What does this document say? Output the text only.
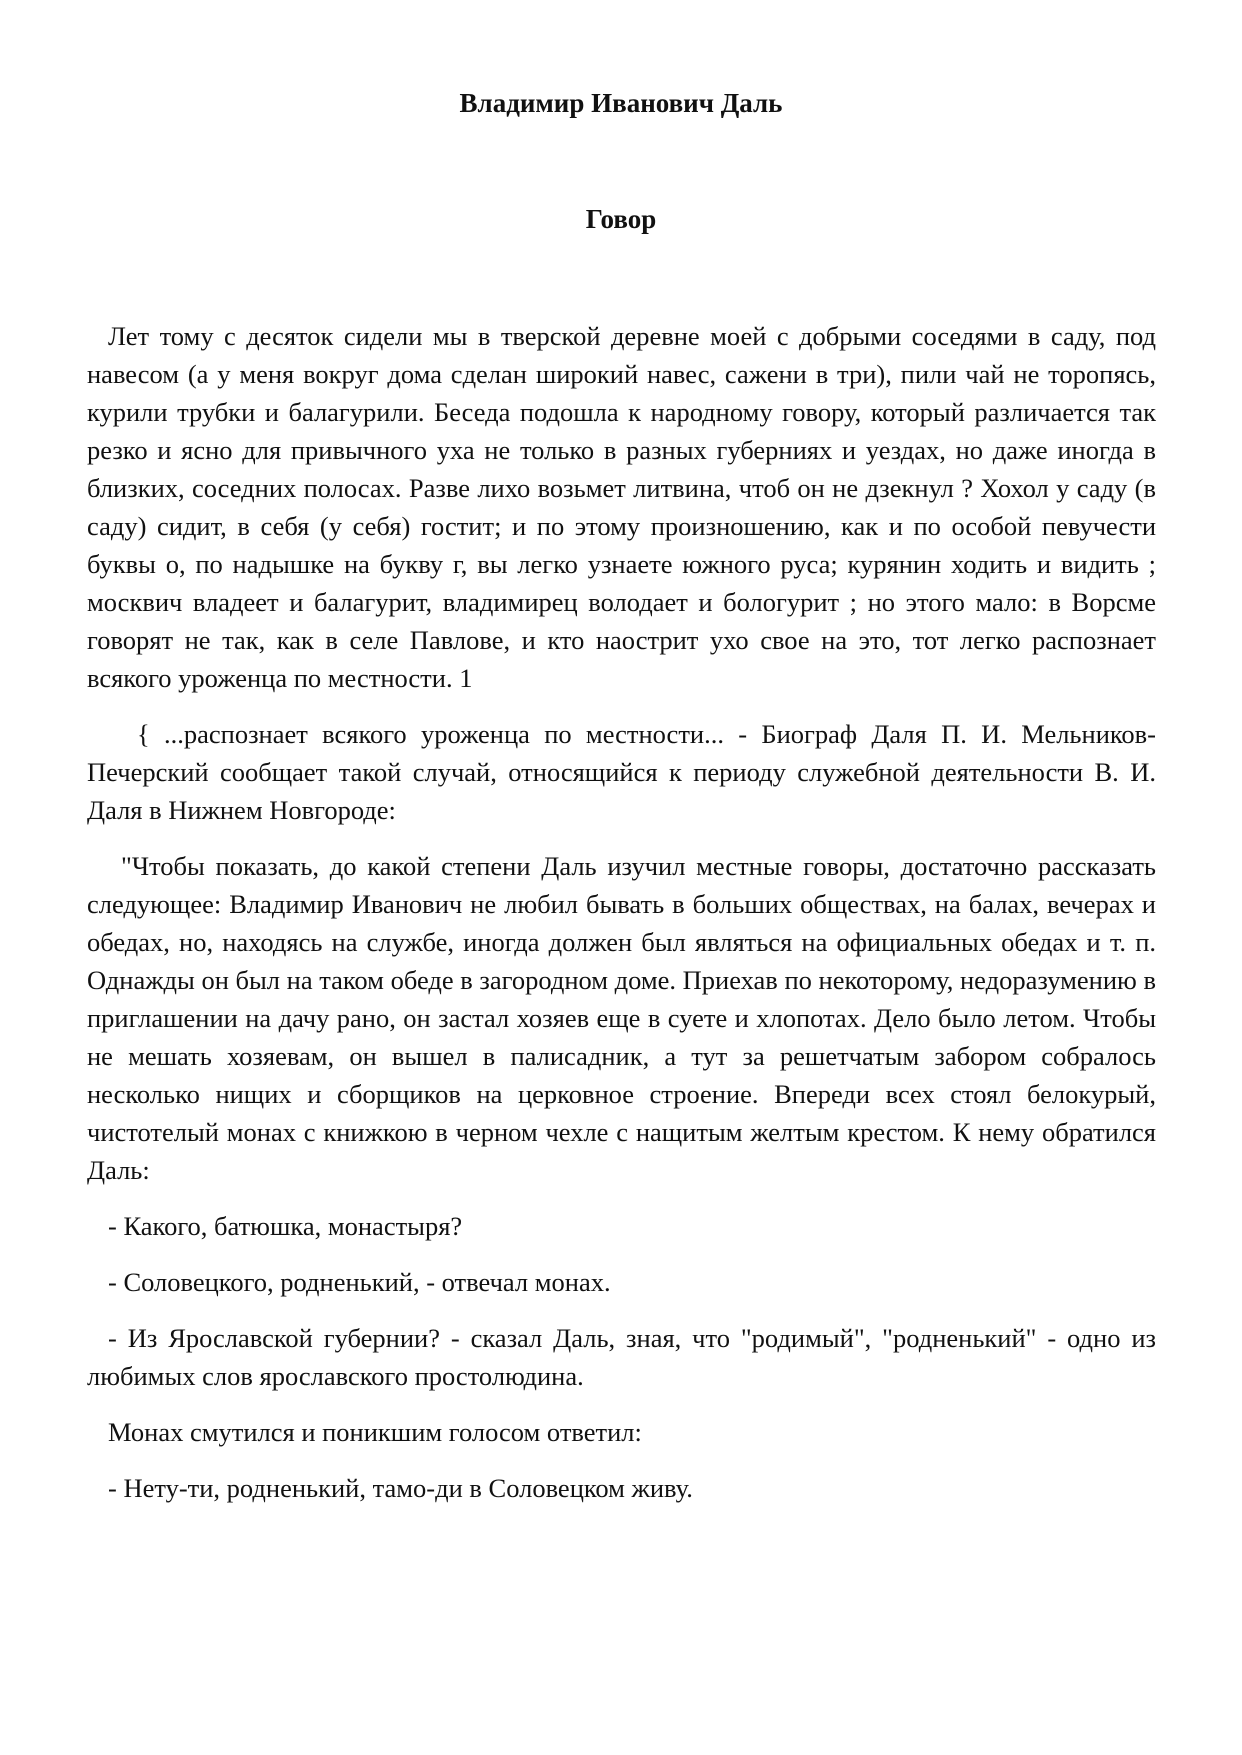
Владимир Иванович Даль
Говор

Лет тому с десяток сидели мы в тверской деревне моей с добрыми соседями в саду, под навесом (а у меня вокруг дома сделан широкий навес, сажени в три), пили чай не торопясь, курили трубки и балагурили. Беседа подошла к народному говору, который различается так резко и ясно для привычного уха не только в разных губерниях и уездах, но даже иногда в близких, соседних полосах. Разве лихо возьмет литвина, чтоб он не дзекнул ? Хохол у саду (в саду) сидит, в себя (у себя) гостит; и по этому произношению, как и по особой певучести буквы о, по надышке на букву г, вы легко узнаете южного руса; курянин ходить и видить ; москвич владеет и балагурит, владимирец володает и бологурит ; но этого мало: в Ворсме говорят не так, как в селе Павлове, и кто наострит ухо свое на это, тот легко распознает всякого уроженца по местности. 1

{ ...распознает всякого уроженца по местности... - Биограф Даля П. И. Мельников-Печерский сообщает такой случай, относящийся к периоду служебной деятельности В. И. Даля в Нижнем Новгороде:

"Чтобы показать, до какой степени Даль изучил местные говоры, достаточно рассказать следующее: Владимир Иванович не любил бывать в больших обществах, на балах, вечерах и обедах, но, находясь на службе, иногда должен был являться на официальных обедах и т. п. Однажды он был на таком обеде в загородном доме. Приехав по некоторому, недоразумению в приглашении на дачу рано, он застал хозяев еще в суете и хлопотах. Дело было летом. Чтобы не мешать хозяевам, он вышел в палисадник, а тут за решетчатым забором собралось несколько нищих и сборщиков на церковное строение. Впереди всех стоял белокурый, чистотелый монах с книжкою в черном чехле с нащитым желтым крестом. К нему обратился Даль:

- Какого, батюшка, монастыря?

- Соловецкого, родненький, - отвечал монах.

- Из Ярославской губернии? - сказал Даль, зная, что "родимый", "родненький" - одно из любимых слов ярославского простолюдина.

Монах смутился и поникшим голосом ответил:

- Нету-ти, родненький, тамо-ди в Соловецком живу.
